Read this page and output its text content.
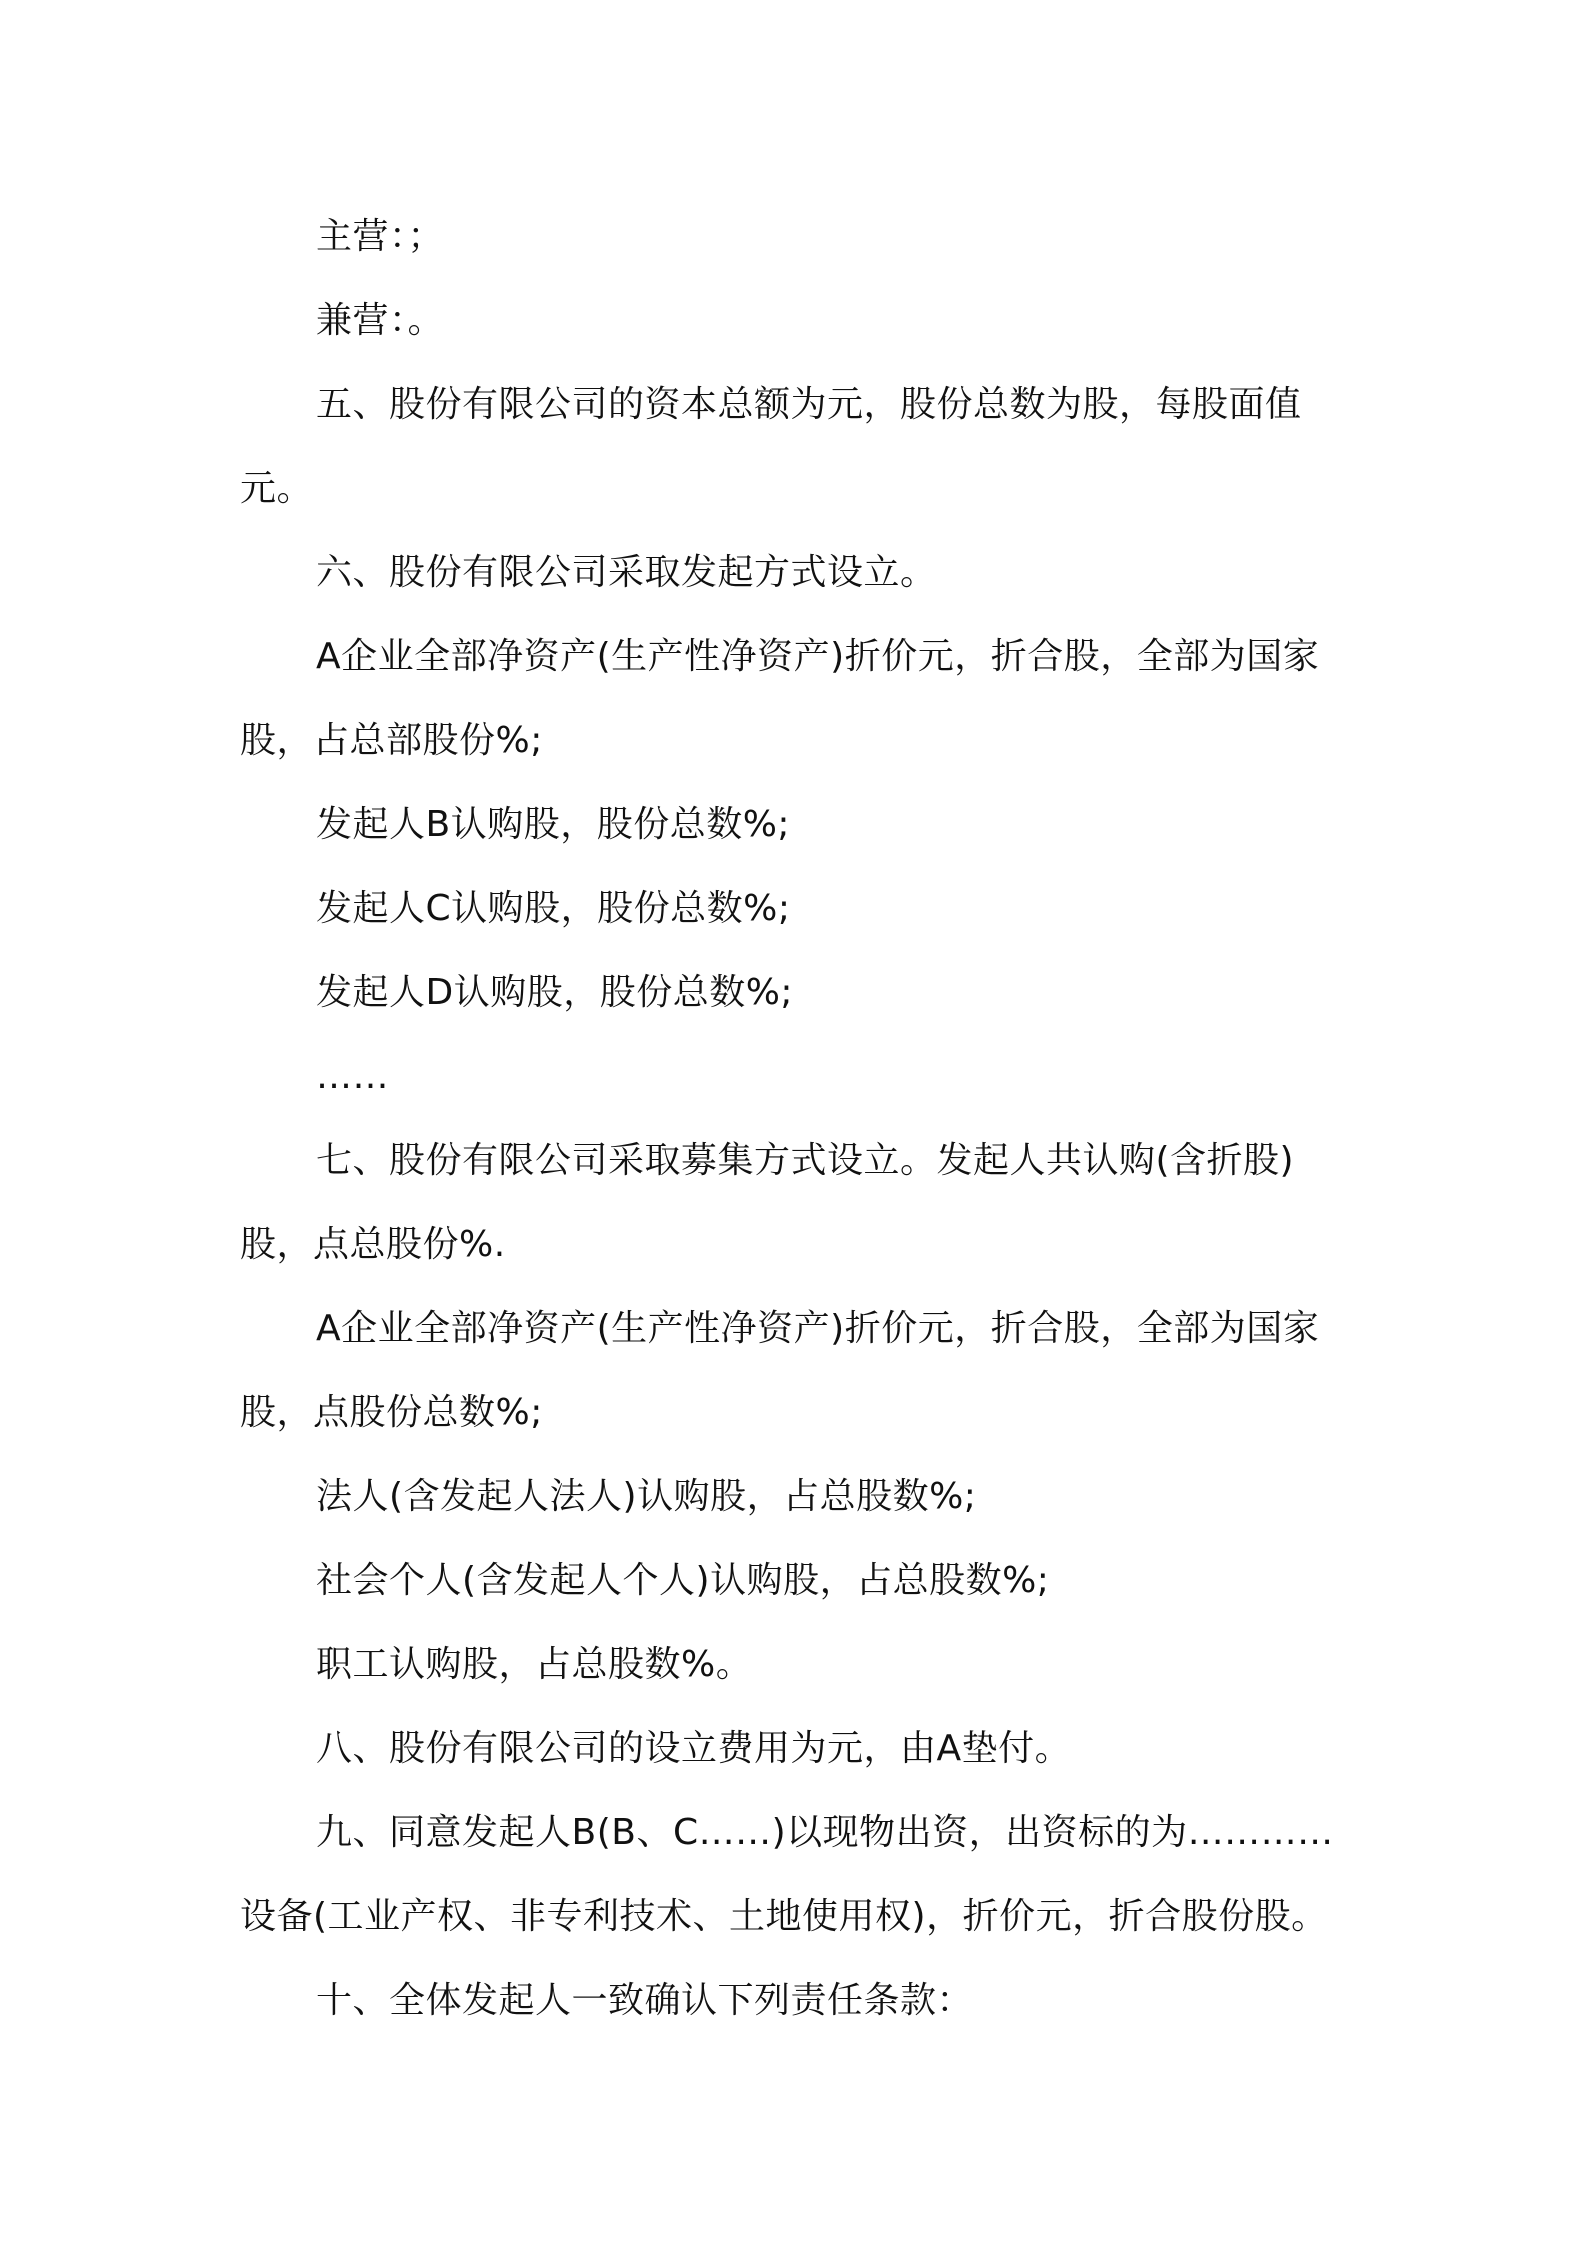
主营：；

兼营：。

五、股份有限公司的资本总额为元，股份总数为股，每股面值元。

六、股份有限公司采取发起方式设立。

A企业全部净资产(生产性净资产)折价元，折合股，全部为国家股，占总部股份%;

发起人B认购股，股份总数%;

发起人C认购股，股份总数%;

发起人D认购股，股份总数%;

……

七、股份有限公司采取募集方式设立。发起人共认购(含折股)股，点总股份%.

A企业全部净资产(生产性净资产)折价元，折合股，全部为国家股，点股份总数%;

法人(含发起人法人)认购股，占总股数%;

社会个人(含发起人个人)认购股，占总股数%;

职工认购股，占总股数%。

八、股份有限公司的设立费用为元，由A垫付。

九、同意发起人B(B、C……)以现物出资，出资标的为…………设备(工业产权、非专利技术、土地使用权)，折价元，折合股份股。

十、全体发起人一致确认下列责任条款：
